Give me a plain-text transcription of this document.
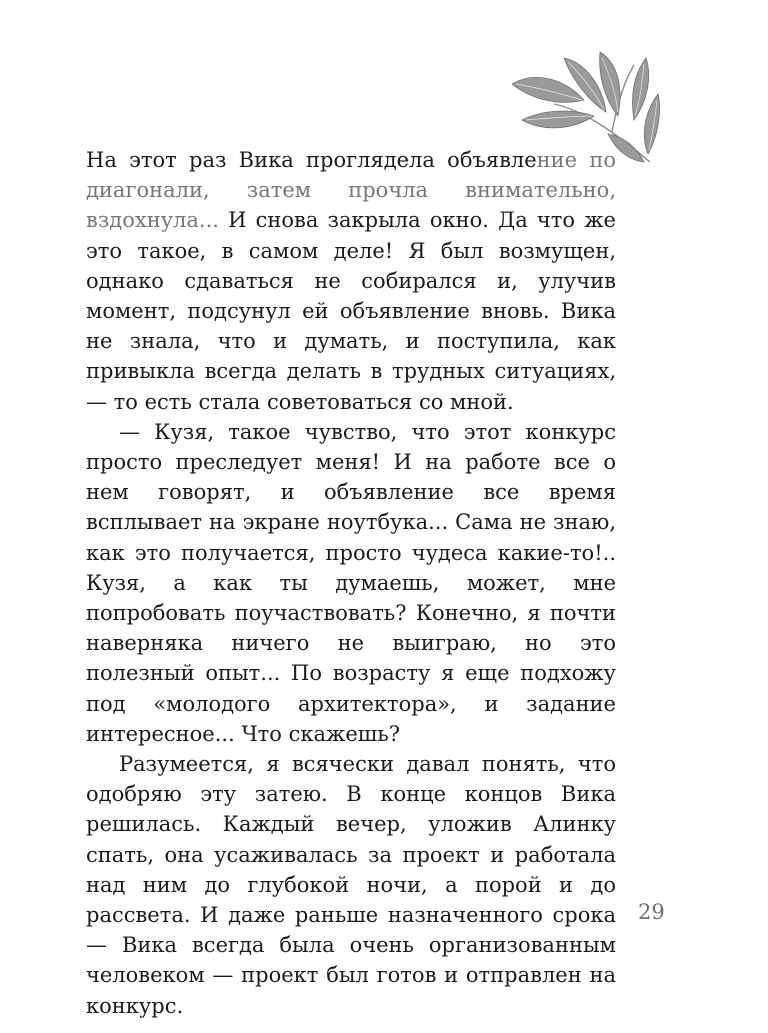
На этот раз Вика проглядела объявление по диагонали, затем прочла внимательно, вздохнула... И снова закрыла окно. Да что же это такое, в самом деле! Я был возмущен, однако сдаваться не собирался и, улучив момент, подсунул ей объявление вновь. Вика не знала, что и думать, и поступила, как привыкла всегда делать в трудных ситуациях, — то есть стала советоваться со мной.

— Кузя, такое чувство, что этот конкурс просто преследует меня! И на работе все о нем говорят, и объявление все время всплывает на экране ноутбука... Сама не знаю, как это получается, просто чудеса какие-то!.. Кузя, а как ты думаешь, может, мне попробовать поучаствовать? Конечно, я почти наверняка ничего не выиграю, но это полезный опыт... По возрасту я еще подхожу под «молодого архитектора», и задание интересное... Что скажешь?

Разумеется, я всячески давал понять, что одобряю эту затею. В конце концов Вика решилась. Каждый вечер, уложив Алинку спать, она усаживалась за проект и работала над ним до глубокой ночи, а порой и до рассвета. И даже раньше назначенного срока — Вика всегда была очень организованным человеком — проект был готов и отправлен на конкурс.

29
